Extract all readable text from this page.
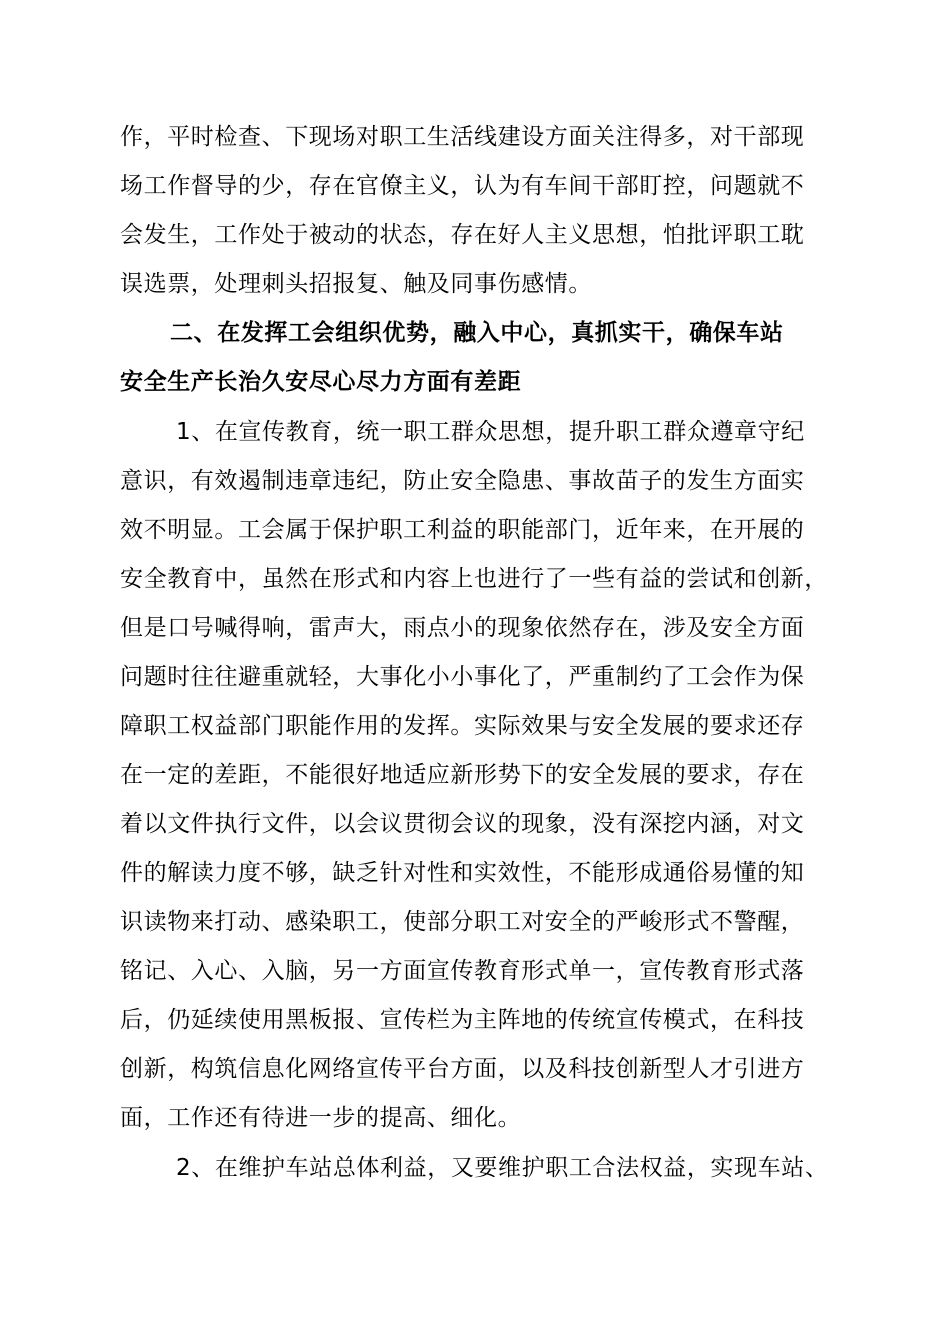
作，平时检查、下现场对职工生活线建设方面关注得多，对干部现
场工作督导的少，存在官僚主义，认为有车间干部盯控，问题就不
会发生，工作处于被动的状态，存在好人主义思想，怕批评职工耽
误选票，处理刺头招报复、触及同事伤感情。
二、在发挥工会组织优势，融入中心，真抓实干，确保车站
安全生产长治久安尽心尽力方面有差距
1、在宣传教育，统一职工群众思想，提升职工群众遵章守纪
意识，有效遏制违章违纪，防止安全隐患、事故苗子的发生方面实
效不明显。工会属于保护职工利益的职能部门，近年来，在开展的
安全教育中，虽然在形式和内容上也进行了一些有益的尝试和创新，
但是口号喊得响，雷声大，雨点小的现象依然存在，涉及安全方面
问题时往往避重就轻，大事化小小事化了，严重制约了工会作为保
障职工权益部门职能作用的发挥。实际效果与安全发展的要求还存
在一定的差距，不能很好地适应新形势下的安全发展的要求，存在
着以文件执行文件，以会议贯彻会议的现象，没有深挖内涵，对文
件的解读力度不够，缺乏针对性和实效性，不能形成通俗易懂的知
识读物来打动、感染职工，使部分职工对安全的严峻形式不警醒，
铭记、入心、入脑，另一方面宣传教育形式单一，宣传教育形式落
后，仍延续使用黑板报、宣传栏为主阵地的传统宣传模式，在科技
创新，构筑信息化网络宣传平台方面，以及科技创新型人才引进方
面，工作还有待进一步的提高、细化。
2、在维护车站总体利益，又要维护职工合法权益，实现车站、
